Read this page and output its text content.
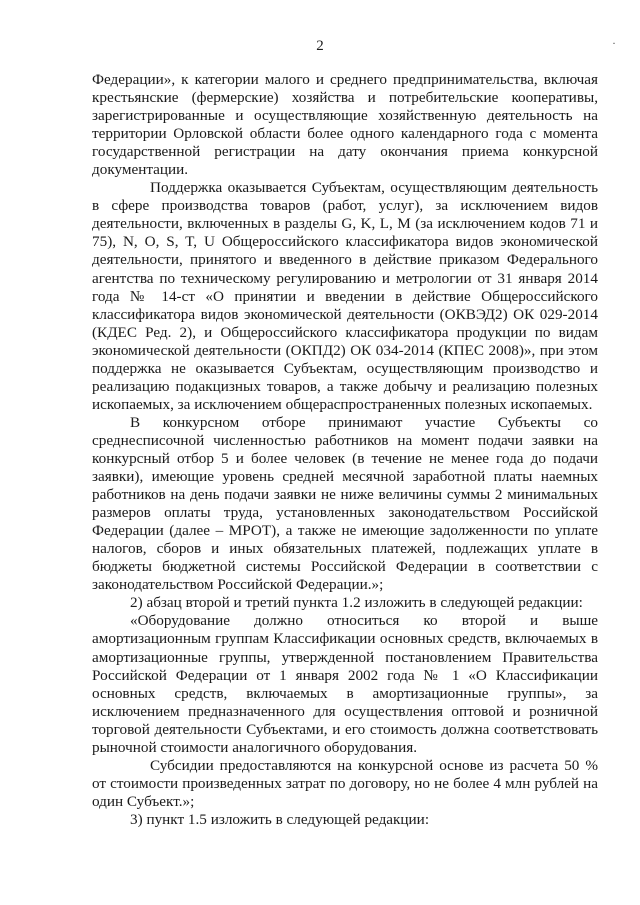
2	·

Федерации», к категории малого и среднего предпринимательства, включая крестьянские (фермерские) хозяйства и потребительские кооперативы, зарегистрированные и осуществляющие хозяйственную деятельность на территории Орловской области более одного календарного года с момента государственной регистрации на дату окончания приема конкурсной документации.

Поддержка оказывается Субъектам, осуществляющим деятельность в сфере производства товаров (работ, услуг), за исключением видов деятельности, включенных в разделы G, K, L, M (за исключением кодов 71 и 75), N, O, S, T, U Общероссийского классификатора видов экономической деятельности, принятого и введенного в действие приказом Федерального агентства по техническому регулированию и метрологии от 31 января 2014 года № 14-ст «О принятии и введении в действие Общероссийского классификатора видов экономической деятельности (ОКВЭД2) ОК 029-2014 (КДЕС Ред. 2), и Общероссийского классификатора продукции по видам экономической деятельности (ОКПД2) ОК 034-2014 (КПЕС 2008)», при этом поддержка не оказывается Субъектам, осуществляющим производство и реализацию подакцизных товаров, а также добычу и реализацию полезных ископаемых, за исключением общераспространенных полезных ископаемых.

В конкурсном отборе принимают участие Субъекты со среднесписочной численностью работников на момент подачи заявки на конкурсный отбор 5 и более человек (в течение не менее года до подачи заявки), имеющие уровень средней месячной заработной платы наемных работников на день подачи заявки не ниже величины суммы 2 минимальных размеров оплаты труда, установленных законодательством Российской Федерации (далее – МРОТ), а также не имеющие задолженности по уплате налогов, сборов и иных обязательных платежей, подлежащих уплате в бюджеты бюджетной системы Российской Федерации в соответствии с законодательством Российской Федерации.»;

2) абзац второй и третий пункта 1.2 изложить в следующей редакции:

«Оборудование должно относиться ко второй и выше амортизационным группам Классификации основных средств, включаемых в амортизационные группы, утвержденной постановлением Правительства Российской Федерации от 1 января 2002 года № 1 «О Классификации основных средств, включаемых в амортизационные группы», за исключением предназначенного для осуществления оптовой и розничной торговой деятельности Субъектами, и его стоимость должна соответствовать рыночной стоимости аналогичного оборудования.

Субсидии предоставляются на конкурсной основе из расчета 50 % от стоимости произведенных затрат по договору, но не более 4 млн рублей на один Субъект.»;

3) пункт 1.5 изложить в следующей редакции:
